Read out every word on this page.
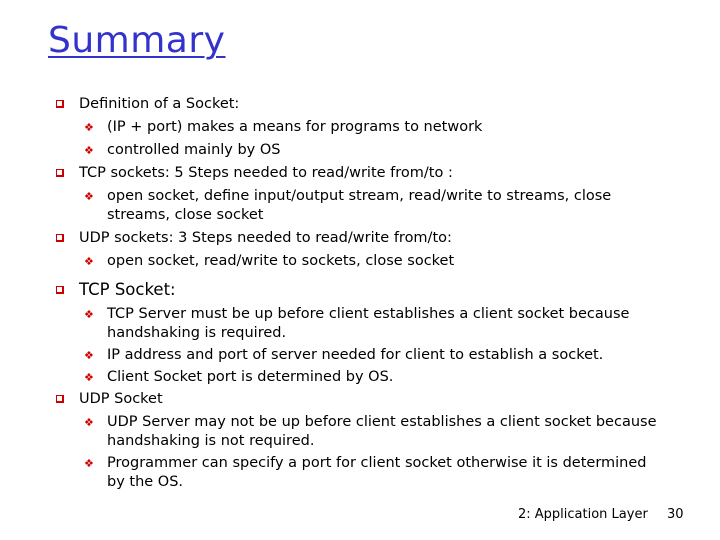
Summary
Definition of a Socket:
❖ (IP + port) makes a means for programs to network
❖ controlled mainly by OS
TCP sockets: 5 Steps needed to read/write from/to :
❖ open socket, define input/output stream, read/write to streams, close streams, close socket
UDP sockets: 3 Steps needed to read/write from/to:
❖ open socket, read/write to sockets, close socket
TCP Socket:
❖ TCP Server must be up before client establishes a client socket because handshaking is required.
❖ IP address and port of server needed for client to establish a socket.
❖ Client Socket port is determined by OS.
UDP Socket
❖ UDP Server may not be up before client establishes a client socket because handshaking is not required.
❖ Programmer can specify a port for client socket otherwise it is determined by the OS.
2: Application Layer 30
